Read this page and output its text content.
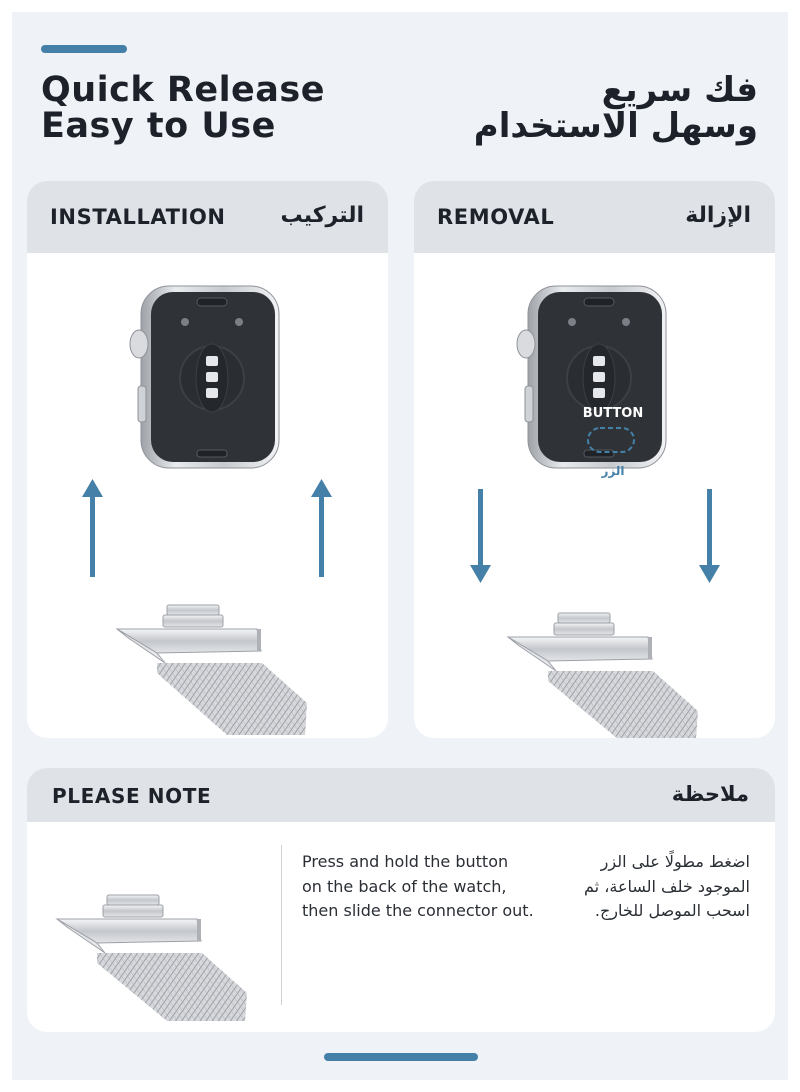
Quick Release
Easy to Use
فك سريع
وسهل الاستخدام
INSTALLATION التركيب	REMOVAL	الإزالة
BUTTON
الزر
PLEASE NOTE	ملاحظة
Press and hold the button
on the back of the watch,
then slide the connector out.
اضغط مطولًا على الزر
الموجود خلف الساعة، ثم
اسحب الموصل للخارج.
